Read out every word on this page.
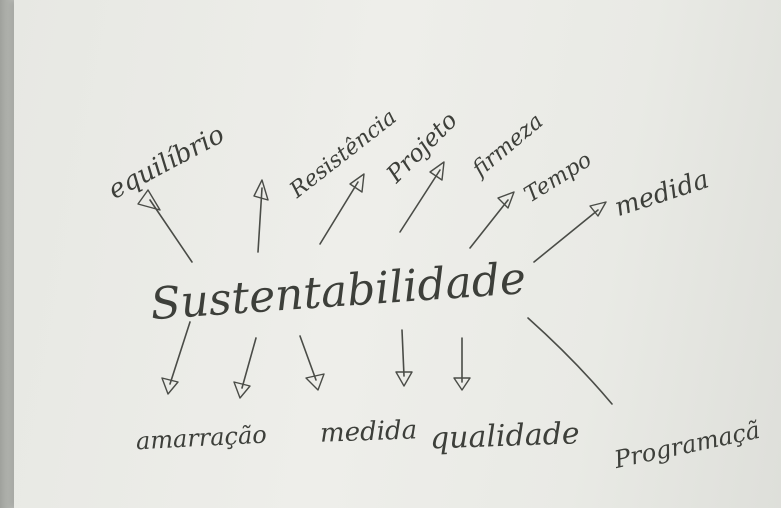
Sustentabilidade
equilíbrio	Resistência
Projeto firmeza
Tempo medida
amarração medida qualidade Programaçã
